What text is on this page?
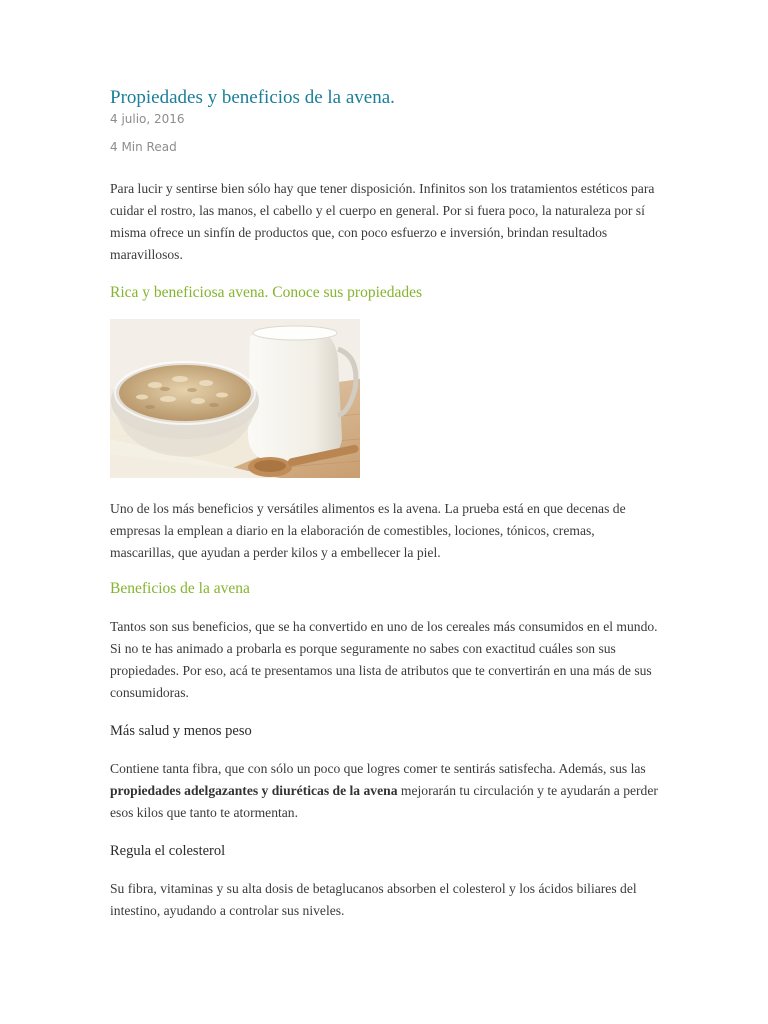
Propiedades y beneficios de la avena.
4 julio, 2016
4 Min Read

Para lucir y sentirse bien sólo hay que tener disposición. Infinitos son los tratamientos estéticos para cuidar el rostro, las manos, el cabello y el cuerpo en general. Por si fuera poco, la naturaleza por sí misma ofrece un sinfín de productos que, con poco esfuerzo e inversión, brindan resultados maravillosos.

Rica y beneficiosa avena. Conoce sus propiedades

Uno de los más beneficios y versátiles alimentos es la avena. La prueba está en que decenas de empresas la emplean a diario en la elaboración de comestibles, lociones, tónicos, cremas, mascarillas, que ayudan a perder kilos y a embellecer la piel.

Beneficios de la avena

Tantos son sus beneficios, que se ha convertido en uno de los cereales más consumidos en el mundo. Si no te has animado a probarla es porque seguramente no sabes con exactitud cuáles son sus propiedades. Por eso, acá te presentamos una lista de atributos que te convertirán en una más de sus consumidoras.

Más salud y menos peso

Contiene tanta fibra, que con sólo un poco que logres comer te sentirás satisfecha. Además, sus las propiedades adelgazantes y diuréticas de la avena mejorarán tu circulación y te ayudarán a perder esos kilos que tanto te atormentan.

Regula el colesterol

Su fibra, vitaminas y su alta dosis de betaglucanos absorben el colesterol y los ácidos biliares del intestino, ayudando a controlar sus niveles.
